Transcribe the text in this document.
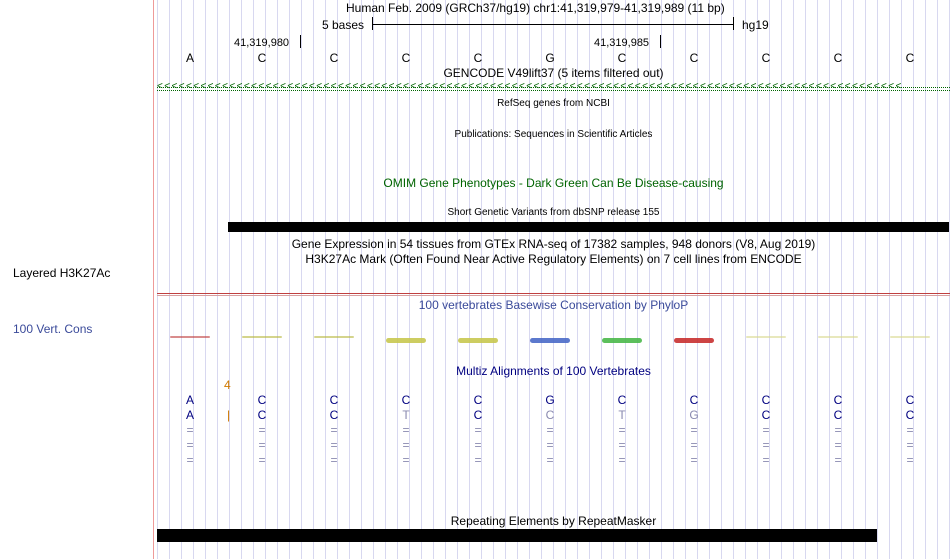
Layered H3K27Ac
100 Vert. Cons
Human Feb. 2009 (GRCh37/hg19) chr1:41,319,979-41,319,989 (11 bp)
5 bases	hg19
41,319,980	41,319,985
A	C	C	C	C	G	C	C	C	C	C
GENCODE V49lift37 (5 items filtered out)
<<<<<<<<<<<<<<<<<<<<<<<<<<<<<<<<<<<<<<<<<<<<<<<<<<<<<<<<<<<<<<<<<<<<<<<<<<<<<<<<<<<<<<<<<<<<<<<<<<<<<<<
RefSeq genes from NCBI
Publications: Sequences in Scientific Articles
OMIM Gene Phenotypes - Dark Green Can Be Disease-causing
Short Genetic Variants from dbSNP release 155
Gene Expression in 54 tissues from GTEx RNA-seq of 17382 samples, 948 donors (V8, Aug 2019)
H3K27Ac Mark (Often Found Near Active Regulatory Elements) on 7 cell lines from ENCODE
100 vertebrates Basewise Conservation by PhyloP
4
Multiz Alignments of 100 Vertebrates
A	C	C	C	C	G	C	C	C	C	C
A	C	C	T	C	C	T	G	C	C	C
|
=	=	=	=	=	=	=	=	=	=	=
=	=	=	=	=	=	=	=	=	=	=
=	=	=	=	=	=	=	=	=	=	=
Repeating Elements by RepeatMasker
